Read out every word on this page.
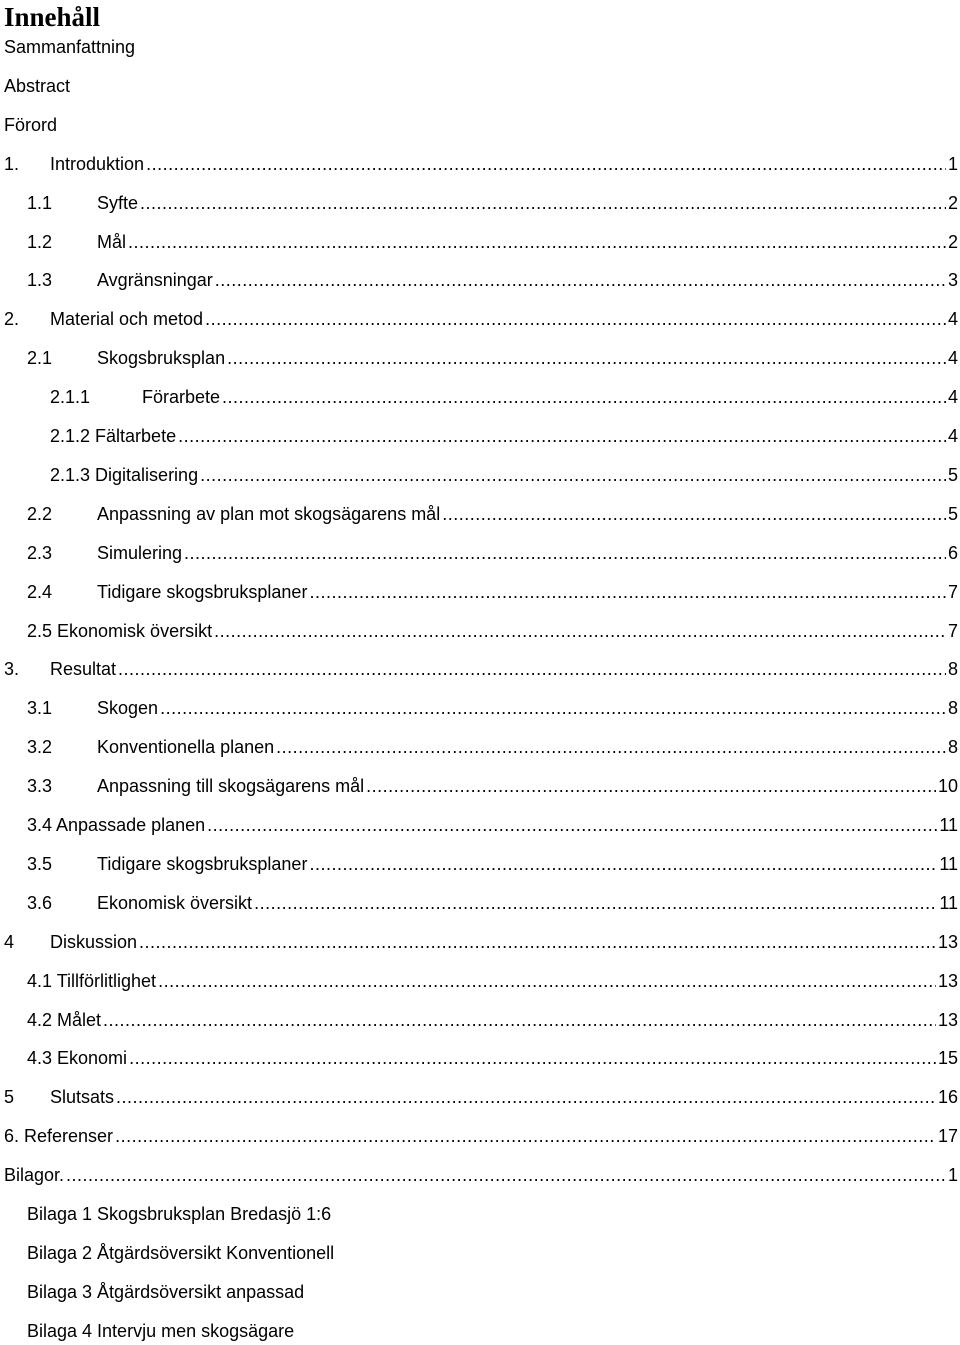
Innehåll
Sammanfattning
Abstract
Förord
1.	Introduktion .....	1
1.1	Syfte .....	2
1.2	Mål .....	2
1.3	Avgränsningar .....	3
2.	Material och metod .....	4
2.1	Skogsbruksplan .....	4
2.1.1	Förarbete .....	4
2.1.2 Fältarbete .....	4
2.1.3 Digitalisering .....	5
2.2	Anpassning av plan mot skogsägarens mål .....	5
2.3	Simulering .....	6
2.4	Tidigare skogsbruksplaner .....	7
2.5 Ekonomisk översikt .....	7
3.	Resultat .....	8
3.1	Skogen .....	8
3.2	Konventionella planen .....	8
3.3	Anpassning till skogsägarens mål .....	10
3.4 Anpassade planen .....	11
3.5	Tidigare skogsbruksplaner .....	11
3.6	Ekonomisk översikt .....	11
4	Diskussion .....	13
4.1 Tillförlitlighet .....	13
4.2 Målet .....	13
4.3 Ekonomi .....	15
5	Slutsats .....	16
6. Referenser .....	17
Bilagor. .....	1
Bilaga 1 Skogsbruksplan Bredasjö 1:6
Bilaga 2 Åtgärdsöversikt Konventionell
Bilaga 3 Åtgärdsöversikt anpassad
Bilaga 4 Intervju men skogsägare
